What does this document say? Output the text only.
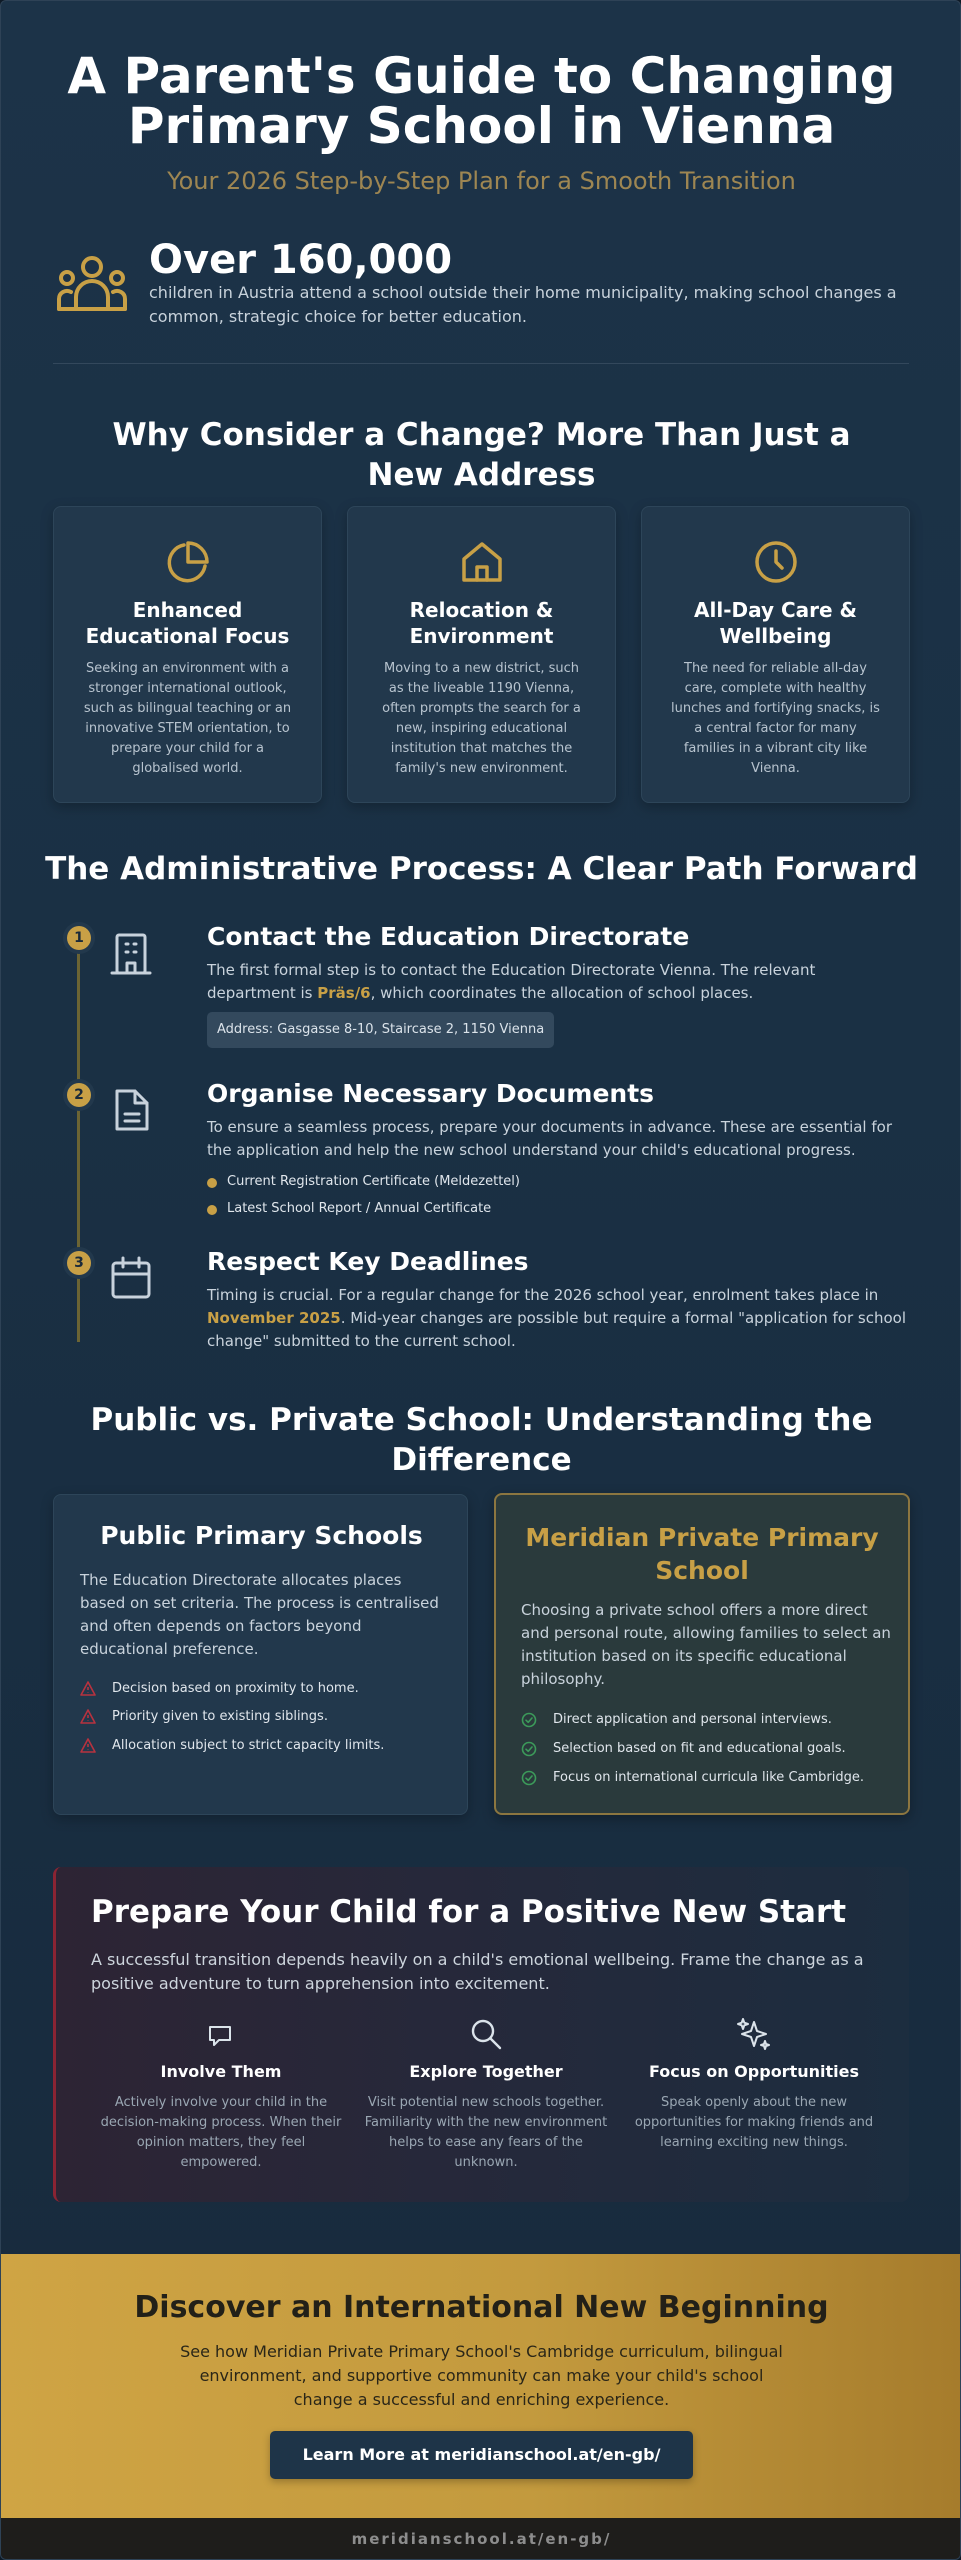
A Parent's Guide to Changing
Primary School in Vienna
Your 2026 Step-by-Step Plan for a Smooth Transition
Over 160,000
children in Austria attend a school outside their home municipality, making school changes a common, strategic choice for better education.
Why Consider a Change? More Than Just a New Address
Enhanced Educational Focus
Seeking an environment with a stronger international outlook, such as bilingual teaching or an innovative STEM orientation, to prepare your child for a globalised world.
Relocation & Environment
Moving to a new district, such as the liveable 1190 Vienna, often prompts the search for a new, inspiring educational institution that matches the family's new environment.
All-Day Care & Wellbeing
The need for reliable all-day care, complete with healthy lunches and fortifying snacks, is a central factor for many families in a vibrant city like Vienna.
The Administrative Process: A Clear Path Forward
1	Contact the Education Directorate
The first formal step is to contact the Education Directorate Vienna. The relevant department is Präs/6, which coordinates the allocation of school places.
Address: Gasgasse 8-10, Staircase 2, 1150 Vienna
2	Organise Necessary Documents
To ensure a seamless process, prepare your documents in advance. These are essential for the application and help the new school understand your child's educational progress.
Current Registration Certificate (Meldezettel)
Latest School Report / Annual Certificate
3	Respect Key Deadlines
Timing is crucial. For a regular change for the 2026 school year, enrolment takes place in November 2025. Mid-year changes are possible but require a formal "application for school change" submitted to the current school.
Public vs. Private School: Understanding the Difference
Public Primary Schools
The Education Directorate allocates places based on set criteria. The process is centralised and often depends on factors beyond educational preference.
Decision based on proximity to home.
Priority given to existing siblings.
Allocation subject to strict capacity limits.
Meridian Private Primary School
Choosing a private school offers a more direct and personal route, allowing families to select an institution based on its specific educational philosophy.
Direct application and personal interviews.
Selection based on fit and educational goals.
Focus on international curricula like Cambridge.
Prepare Your Child for a Positive New Start
A successful transition depends heavily on a child's emotional wellbeing. Frame the change as a positive adventure to turn apprehension into excitement.
Involve Them
Actively involve your child in the decision-making process. When their opinion matters, they feel empowered.
Explore Together
Visit potential new schools together. Familiarity with the new environment helps to ease any fears of the unknown.
Focus on Opportunities
Speak openly about the new opportunities for making friends and learning exciting new things.
Discover an International New Beginning
See how Meridian Private Primary School's Cambridge curriculum, bilingual environment, and supportive community can make your child's school change a successful and enriching experience.
Learn More at meridianschool.at/en-gb/
meridianschool.at/en-gb/
